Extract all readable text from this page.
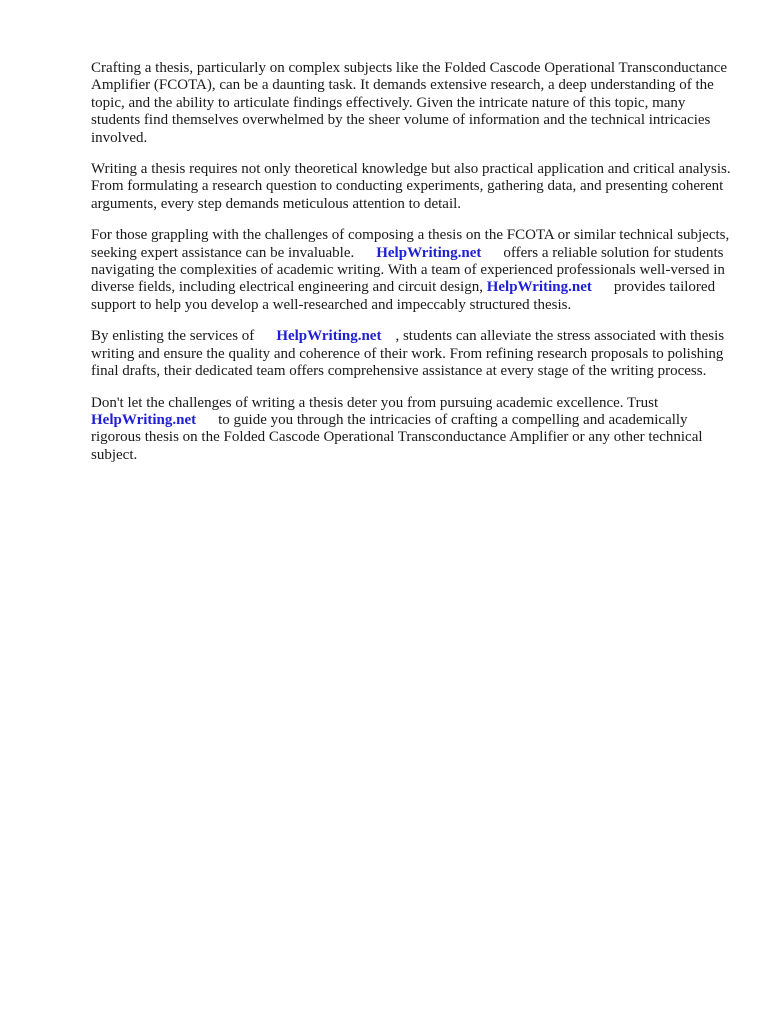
Crafting a thesis, particularly on complex subjects like the Folded Cascode Operational Transconductance Amplifier (FCOTA), can be a daunting task. It demands extensive research, a deep understanding of the topic, and the ability to articulate findings effectively. Given the intricate nature of this topic, many students find themselves overwhelmed by the sheer volume of information and the technical intricacies involved.

Writing a thesis requires not only theoretical knowledge but also practical application and critical analysis. From formulating a research question to conducting experiments, gathering data, and presenting coherent arguments, every step demands meticulous attention to detail.

For those grappling with the challenges of composing a thesis on the FCOTA or similar technical subjects, seeking expert assistance can be invaluable. HelpWriting.net offers a reliable solution for students navigating the complexities of academic writing. With a team of experienced professionals well-versed in diverse fields, including electrical engineering and circuit design, HelpWriting.net provides tailored support to help you develop a well-researched and impeccably structured thesis.

By enlisting the services of HelpWriting.net , students can alleviate the stress associated with thesis writing and ensure the quality and coherence of their work. From refining research proposals to polishing final drafts, their dedicated team offers comprehensive assistance at every stage of the writing process.

Don't let the challenges of writing a thesis deter you from pursuing academic excellence. Trust HelpWriting.net to guide you through the intricacies of crafting a compelling and academically rigorous thesis on the Folded Cascode Operational Transconductance Amplifier or any other technical subject.
